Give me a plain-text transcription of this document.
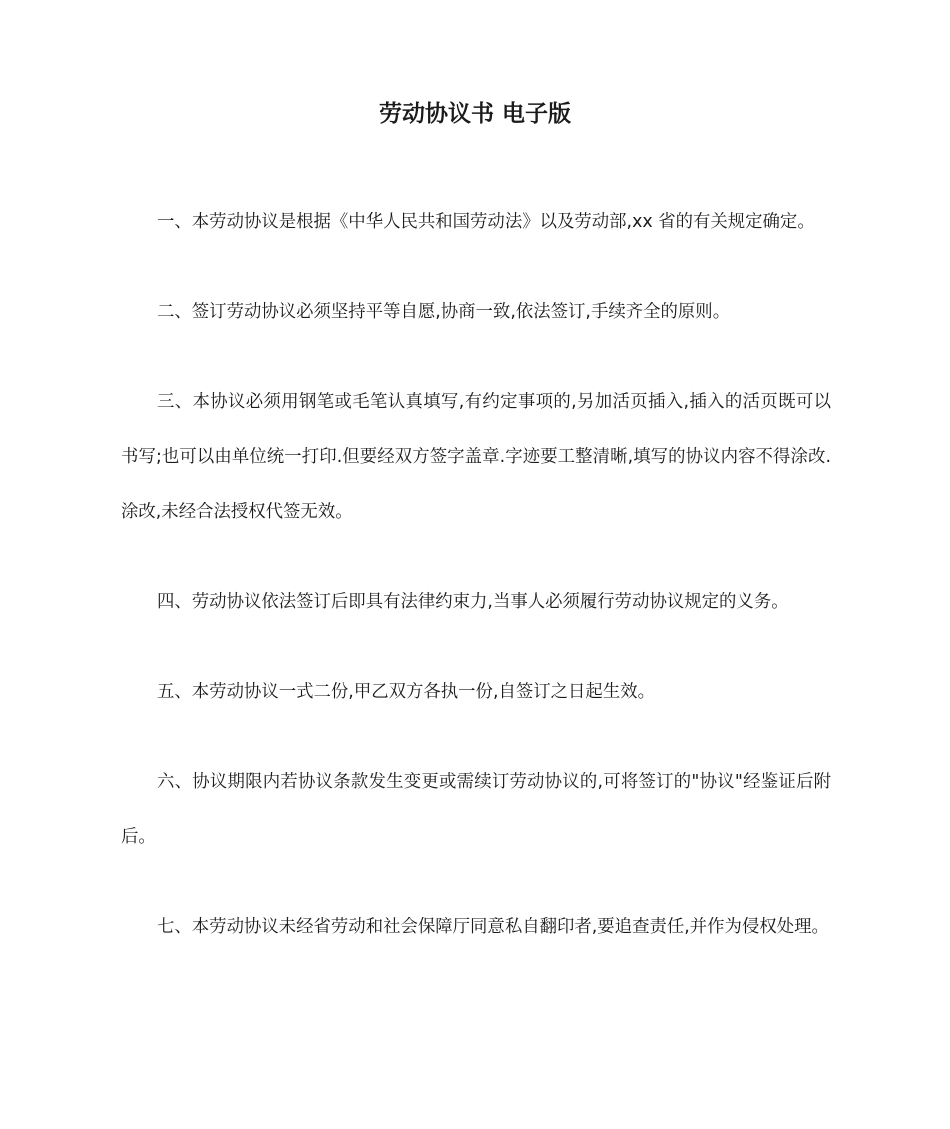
劳动协议书 电子版

一、本劳动协议是根据《中华人民共和国劳动法》以及劳动部,xx 省的有关规定确定。

二、签订劳动协议必须坚持平等自愿,协商一致,依法签订,手续齐全的原则。

三、本协议必须用钢笔或毛笔认真填写,有约定事项的,另加活页插入,插入的活页既可以书写;也可以由单位统一打印.但要经双方签字盖章.字迹要工整清晰,填写的协议内容不得涂改.涂改,未经合法授权代签无效。

四、劳动协议依法签订后即具有法律约束力,当事人必须履行劳动协议规定的义务。

五、本劳动协议一式二份,甲乙双方各执一份,自签订之日起生效。

六、协议期限内若协议条款发生变更或需续订劳动协议的,可将签订的"协议"经鉴证后附后。

七、本劳动协议未经省劳动和社会保障厅同意私自翻印者,要追查责任,并作为侵权处理。
